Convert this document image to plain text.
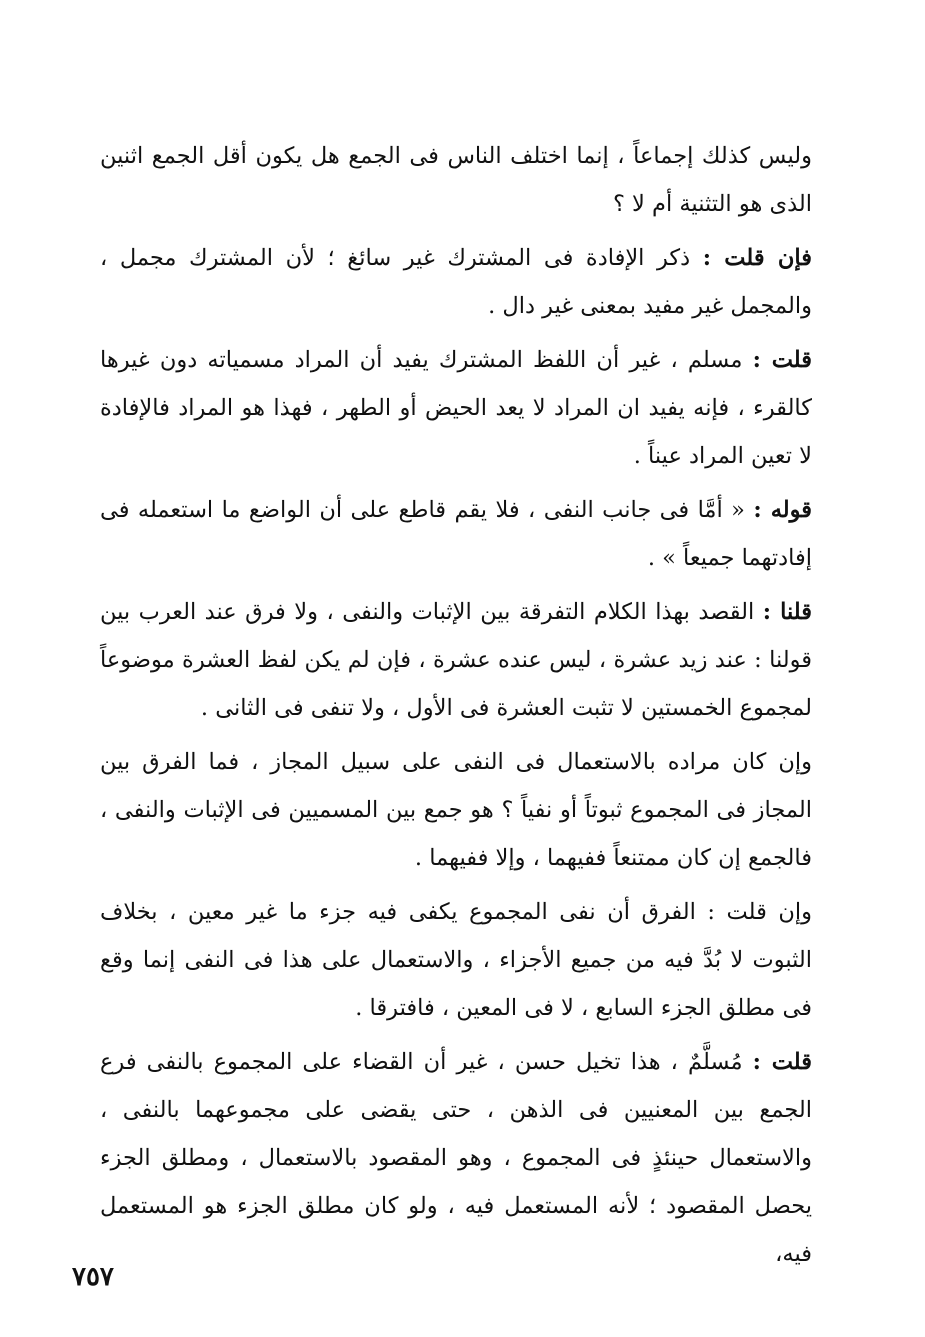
وليس كذلك إجماعاً ، إنما اختلف الناس فى الجمع هل يكون أقل الجمع اثنين الذى هو التثنية أم لا ؟

فإن قلت : ذكر الإفادة فى المشترك غير سائغ ؛ لأن المشترك مجمل ، والمجمل غير مفيد بمعنى غير دال .

قلت : مسلم ، غير أن اللفظ المشترك يفيد أن المراد مسمياته دون غيرها كالقرء ، فإنه يفيد ان المراد لا يعد الحيض أو الطهر ، فهذا هو المراد فالإفادة لا تعين المراد عيناً .

قوله : « أمَّا فى جانب النفى ، فلا يقم قاطع على أن الواضع ما استعمله فى إفادتهما جميعاً » .

قلنا : القصد بهذا الكلام التفرقة بين الإثبات والنفى ، ولا فرق عند العرب بين قولنا : عند زيد عشرة ، ليس عنده عشرة ، فإن لم يكن لفظ العشرة موضوعاً لمجموع الخمستين لا تثبت العشرة فى الأول ، ولا تنفى فى الثانى .

وإن كان مراده بالاستعمال فى النفى على سبيل المجاز ، فما الفرق بين المجاز فى المجموع ثبوتاً أو نفياً ؟ هو جمع بين المسميين فى الإثبات والنفى ، فالجمع إن كان ممتنعاً ففيهما ، وإلا ففيهما .

وإن قلت : الفرق أن نفى المجموع يكفى فيه جزء ما غير معين ، بخلاف الثبوت لا بُدَّ فيه من جميع الأجزاء ، والاستعمال على هذا فى النفى إنما وقع فى مطلق الجزء السابع ، لا فى المعين ، فافترقا .

قلت : مُسلَّمٌ ، هذا تخيل حسن ، غير أن القضاء على المجموع بالنفى فرع الجمع بين المعنيين فى الذهن ، حتى يقضى على مجموعهما بالنفى ، والاستعمال حينئذٍ فى المجموع ، وهو المقصود بالاستعمال ، ومطلق الجزء يحصل المقصود ؛ لأنه المستعمل فيه ، ولو كان مطلق الجزء هو المستعمل فيه،

٧٥٧
